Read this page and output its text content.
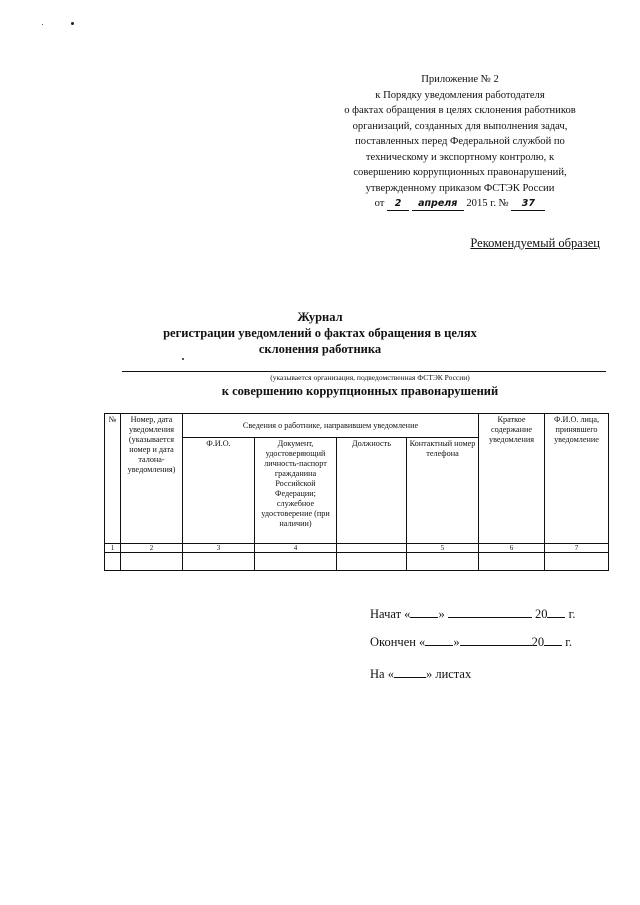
Приложение № 2
к Порядку уведомления работодателя
о фактах обращения в целях склонения работников
организаций, созданных для выполнения задач,
поставленных перед Федеральной службой по
техническому и экспортному контролю, к
совершению коррупционных правонарушений,
утвержденному приказом ФСТЭК России
от 2 апреля 2015 г. № 37
Рекомендуемый образец
Журнал
регистрации уведомлений о фактах обращения в целях
склонения работника
(указывается организация, подведомственная ФСТЭК России)
к совершению коррупционных правонарушений
№	Номер, дата уведомления (указывается номер и дата талона-уведомления)	Сведения о работнике, направившем уведомление				Краткое содержание уведомления	Ф.И.О. лица, принявшего уведомление
		Ф.И.О.	Документ, удостоверяющий личность-паспорт гражданина Российской Федерации; служебное удостоверение (при наличии)	Должность	Контактный номер телефона		
1	2	3	4		5	6	7

Начат « »	20 г.
Окончен « »	20 г.
На «	» листах
